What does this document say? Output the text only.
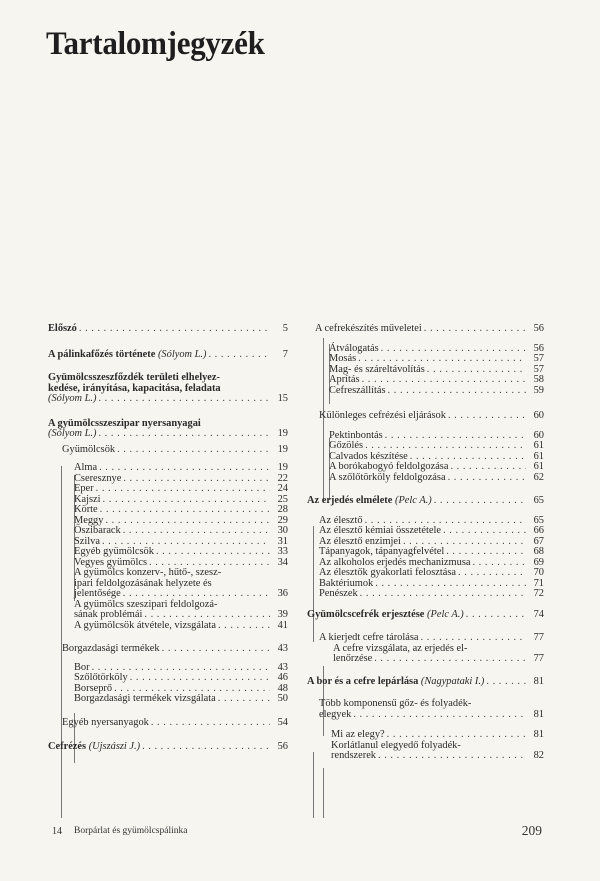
Tartalomjegyzék
Előszó . . .	5
A pálinkafőzés története
(Sólyom L.) . . .	7
Gyümölcsszeszfőzdék területi elhelyez-
kedése, irányítása, kapacitása, feladata
(Sólyom L.) . . .	15
A gyümölcsszeszipar nyersanyagai
(Sólyom L.) . . .	19
Gyümölcsök . . .	19
Alma . . .	19
Cseresznye . . .	22
Eper . . .	24
Kajszi . . .	25
Körte . . .	28
Meggy . . .	29
Őszibarack . . .	30
Szilva . . .	31
Egyéb gyümölcsök . . .	33
Vegyes gyümölcs . . .	34
A gyümölcs konzerv-, hűtő-, szesz-
ipari feldolgozásának helyzete és
jelentősége . . .	36
A gyümölcs szeszipari feldolgozá-
sának problémái . . .	39
A gyümölcsök átvétele, vizsgálata . . .	41
Borgazdasági termékek . . .	43
Bor . . .	43
Szőlőtörköly . . .	46
Borseprő . . .	48
Borgazdasági termékek vizsgálata . . .	50
Egyéb nyersanyagok . . .	54
Cefrézés
(Ujszászi J.) . . .	56
A cefrekészítés műveletei . . .	56
Átválogatás . . .	56
Mosás . . .	57
Mag- és száreltávolítás . . .	57
Aprítás . . .	58
Cefreszállítás . . .	59
Különleges cefrézési eljárások . . .	60
Pektinbontás . . .	60
Gőzölés . . .	61
Calvados készítése . . .	61
A borókabogyó feldolgozása . . .	61
A szőlőtörköly feldolgozása . . .	62
Az erjedés elmélete
(Pelc A.) . . .	65
Az élesztő . . .	65
Az élesztő kémiai összetétele . . .	66
Az élesztő enzimjei . . .	67
Tápanyagok, tápanyagfelvétel . . .	68
Az alkoholos erjedés mechanizmusa . . .	69
Az élesztők gyakorlati felosztása . . .	70
Baktériumok . . .	71
Penészek . . .	72
Gyümölcscefrék erjesztése
(Pelc A.) . . .	74
A kierjedt cefre tárolása . . .	77
A cefre vizsgálata, az erjedés el-
lenőrzése . . .	77
A bor és a cefre lepárlása
(Nagypataki I.) . . .	81
Több komponensű gőz- és folyadék-
elegyek . . .	81
Mi az elegy? . . .	81
Korlátlanul elegyedő folyadék-
rendszerek . . .	82
14 Borpárlat és gyümölcspálinka	209
